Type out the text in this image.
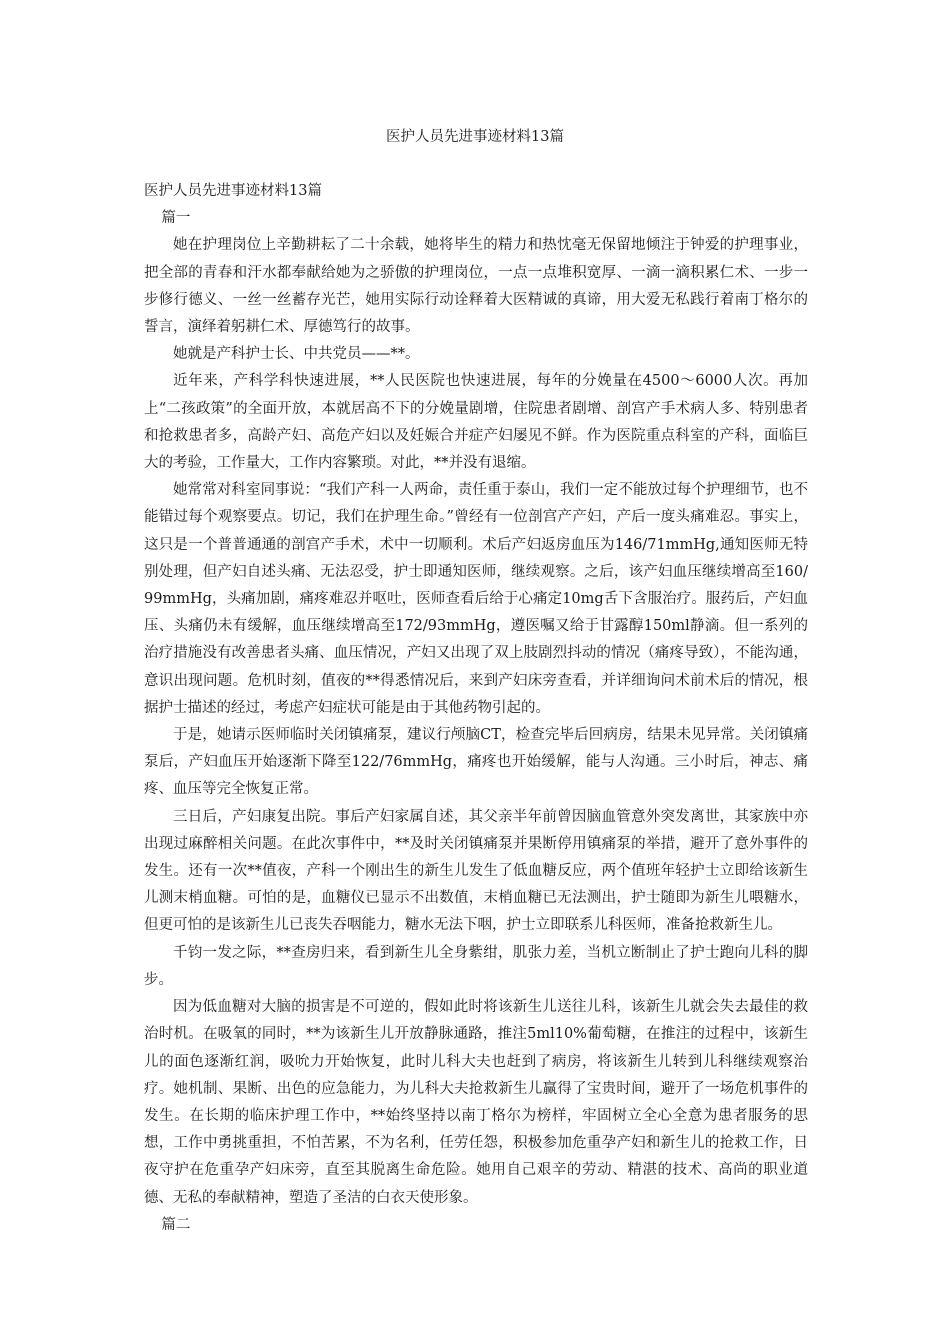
医护人员先进事迹材料13篇

医护人员先进事迹材料13篇

篇一

她在护理岗位上辛勤耕耘了二十余载，她将毕生的精力和热忱毫无保留地倾注于钟爱的护理事业，把全部的青春和汗水都奉献给她为之骄傲的护理岗位，一点一点堆积宽厚、一滴一滴积累仁术、一步一步修行德义、一丝一丝蓄存光芒，她用实际行动诠释着大医精诚的真谛，用大爱无私践行着南丁格尔的誓言，演绎着躬耕仁术、厚德笃行的故事。

她就是产科护士长、中共党员——**。

近年来，产科学科快速进展，**人民医院也快速进展，每年的分娩量在4500～6000人次。再加上“二孩政策”的全面开放，本就居高不下的分娩量剧增，住院患者剧增、剖宫产手术病人多、特别患者和抢救患者多，高龄产妇、高危产妇以及妊娠合并症产妇屡见不鲜。作为医院重点科室的产科，面临巨大的考验，工作量大，工作内容繁琐。对此，**并没有退缩。

她常常对科室同事说：“我们产科一人两命，责任重于泰山，我们一定不能放过每个护理细节，也不能错过每个观察要点。切记，我们在护理生命。”曾经有一位剖宫产产妇，产后一度头痛难忍。事实上，这只是一个普普通通的剖宫产手术，术中一切顺利。术后产妇返房血压为146/71mmHg,通知医师无特别处理，但产妇自述头痛、无法忍受，护士即通知医师，继续观察。之后，该产妇血压继续增高至160/99mmHg，头痛加剧，痛疼难忍并呕吐，医师查看后给于心痛定10mg舌下含服治疗。服药后，产妇血压、头痛仍未有缓解，血压继续增高至172/93mmHg，遵医嘱又给于甘露醇150ml静滴。但一系列的治疗措施没有改善患者头痛、血压情况，产妇又出现了双上肢剧烈抖动的情况（痛疼导致），不能沟通，意识出现问题。危机时刻，值夜的**得悉情况后，来到产妇床旁查看，并详细询问术前术后的情况，根据护士描述的经过，考虑产妇症状可能是由于其他药物引起的。

于是，她请示医师临时关闭镇痛泵，建议行颅脑CT，检查完毕后回病房，结果未见异常。关闭镇痛泵后，产妇血压开始逐渐下降至122/76mmHg，痛疼也开始缓解，能与人沟通。三小时后，神志、痛疼、血压等完全恢复正常。

三日后，产妇康复出院。事后产妇家属自述，其父亲半年前曾因脑血管意外突发离世，其家族中亦出现过麻醉相关问题。在此次事件中，**及时关闭镇痛泵并果断停用镇痛泵的举措，避开了意外事件的发生。还有一次**值夜，产科一个刚出生的新生儿发生了低血糖反应，两个值班年轻护士立即给该新生儿测末梢血糖。可怕的是，血糖仪已显示不出数值，末梢血糖已无法测出，护士随即为新生儿喂糖水，但更可怕的是该新生儿已丧失吞咽能力，糖水无法下咽，护士立即联系儿科医师，准备抢救新生儿。

千钧一发之际，**查房归来，看到新生儿全身紫绀，肌张力差，当机立断制止了护士跑向儿科的脚步。

因为低血糖对大脑的损害是不可逆的，假如此时将该新生儿送往儿科，该新生儿就会失去最佳的救治时机。在吸氧的同时，**为该新生儿开放静脉通路，推注5ml10%葡萄糖，在推注的过程中，该新生儿的面色逐渐红润，吸吮力开始恢复，此时儿科大夫也赶到了病房，将该新生儿转到儿科继续观察治疗。她机制、果断、出色的应急能力，为儿科大夫抢救新生儿赢得了宝贵时间，避开了一场危机事件的发生。在长期的临床护理工作中，**始终坚持以南丁格尔为榜样，牢固树立全心全意为患者服务的思想，工作中勇挑重担，不怕苦累，不为名利，任劳任怨，积极参加危重孕产妇和新生儿的抢救工作，日夜守护在危重孕产妇床旁，直至其脱离生命危险。她用自己艰辛的劳动、精湛的技术、高尚的职业道德、无私的奉献精神，塑造了圣洁的白衣天使形象。

篇二
